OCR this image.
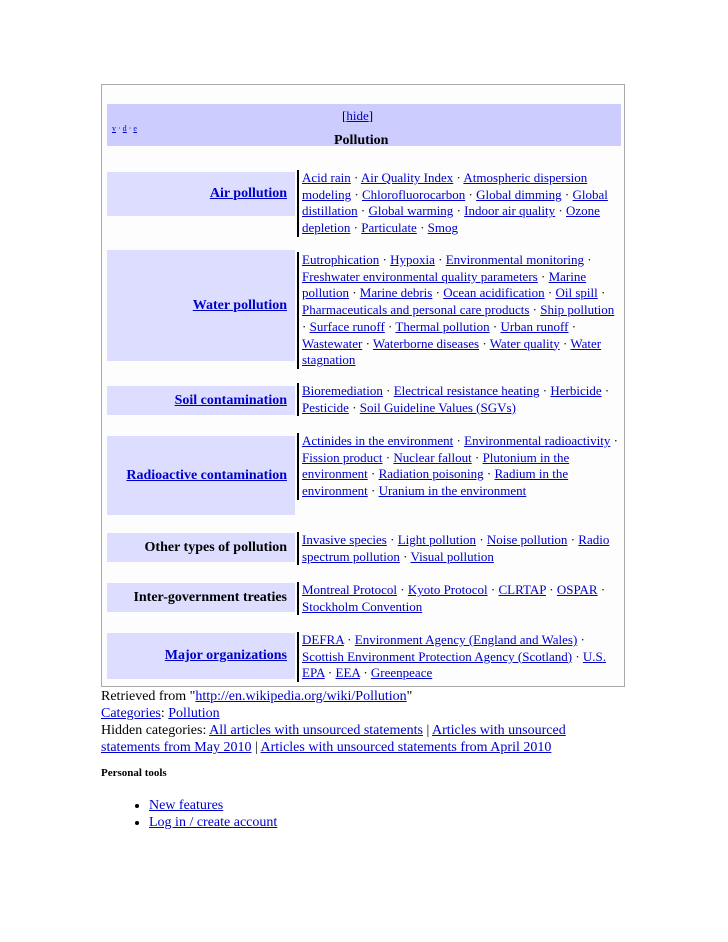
v · d · e
[hide]
Pollution
Air pollution
Acid rain · Air Quality Index · Atmospheric dispersion modeling · Chlorofluorocarbon · Global dimming · Global distillation · Global warming · Indoor air quality · Ozone depletion · Particulate · Smog
Water pollution
Eutrophication · Hypoxia · Environmental monitoring · Freshwater environmental quality parameters · Marine pollution · Marine debris · Ocean acidification · Oil spill · Pharmaceuticals and personal care products · Ship pollution · Surface runoff · Thermal pollution · Urban runoff · Wastewater · Waterborne diseases · Water quality · Water stagnation
Soil contamination
Bioremediation · Electrical resistance heating · Herbicide · Pesticide · Soil Guideline Values (SGVs)
Radioactive contamination
Actinides in the environment · Environmental radioactivity · Fission product · Nuclear fallout · Plutonium in the environment · Radiation poisoning · Radium in the environment · Uranium in the environment
Other types of pollution	Invasive species · Light pollution · Noise pollution · Radio spectrum pollution · Visual pollution
Inter-government treaties	Montreal Protocol · Kyoto Protocol · CLRTAP · OSPAR · Stockholm Convention
Major organizations
DEFRA · Environment Agency (England and Wales) · Scottish Environment Protection Agency (Scotland) · U.S. EPA · EEA · Greenpeace
Retrieved from "http://en.wikipedia.org/wiki/Pollution"
Categories: Pollution
Hidden categories: All articles with unsourced statements | Articles with unsourced statements from May 2010 | Articles with unsourced statements from April 2010
Personal tools
• New features
• Log in / create account
